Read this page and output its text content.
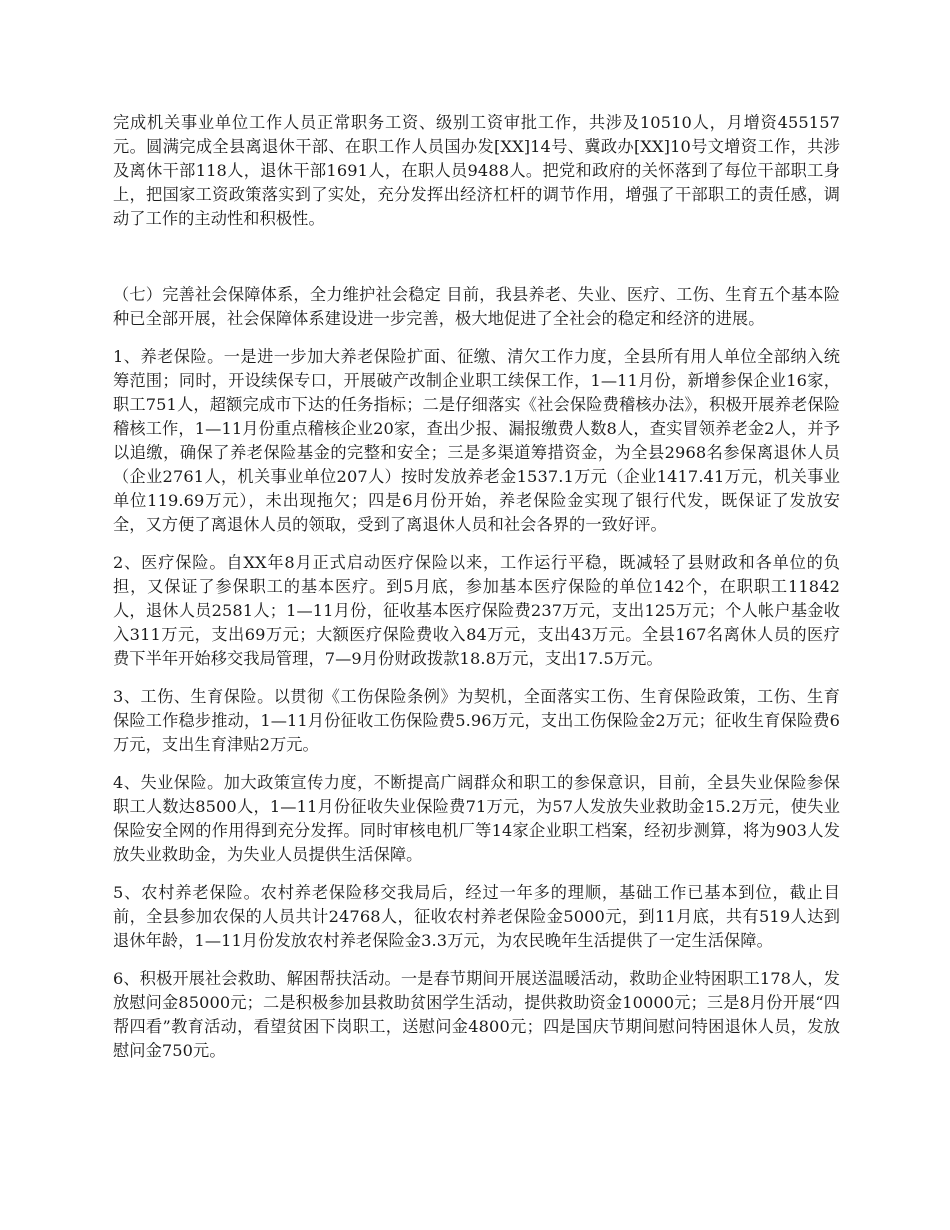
完成机关事业单位工作人员正常职务工资、级别工资审批工作，共涉及10510人，月增资455157元。圆满完成全县离退休干部、在职工作人员国办发[XX]14号、冀政办[XX]10号文增资工作，共涉及离休干部118人，退休干部1691人，在职人员9488人。把党和政府的关怀落到了每位干部职工身上，把国家工资政策落实到了实处，充分发挥出经济杠杆的调节作用，增强了干部职工的责任感，调动了工作的主动性和积极性。

（七）完善社会保障体系，全力维护社会稳定 目前，我县养老、失业、医疗、工伤、生育五个基本险种已全部开展，社会保障体系建设进一步完善，极大地促进了全社会的稳定和经济的进展。

1、养老保险。一是进一步加大养老保险扩面、征缴、清欠工作力度，全县所有用人单位全部纳入统筹范围；同时，开设续保专口，开展破产改制企业职工续保工作，1—11月份，新增参保企业16家，职工751人，超额完成市下达的任务指标；二是仔细落实《社会保险费稽核办法》，积极开展养老保险稽核工作，1—11月份重点稽核企业20家，查出少报、漏报缴费人数8人，查实冒领养老金2人，并予以追缴，确保了养老保险基金的完整和安全；三是多渠道筹措资金，为全县2968名参保离退休人员（企业2761人，机关事业单位207人）按时发放养老金1537.1万元（企业1417.41万元，机关事业单位119.69万元），未出现拖欠；四是6月份开始，养老保险金实现了银行代发，既保证了发放安全，又方便了离退休人员的领取，受到了离退休人员和社会各界的一致好评。

2、医疗保险。自XX年8月正式启动医疗保险以来，工作运行平稳，既减轻了县财政和各单位的负担，又保证了参保职工的基本医疗。到5月底，参加基本医疗保险的单位142个，在职职工11842人，退休人员2581人；1—11月份，征收基本医疗保险费237万元，支出125万元；个人帐户基金收入311万元，支出69万元；大额医疗保险费收入84万元，支出43万元。全县167名离休人员的医疗费下半年开始移交我局管理，7—9月份财政拨款18.8万元，支出17.5万元。

3、工伤、生育保险。以贯彻《工伤保险条例》为契机，全面落实工伤、生育保险政策，工伤、生育保险工作稳步推动，1—11月份征收工伤保险费5.96万元，支出工伤保险金2万元；征收生育保险费6万元，支出生育津贴2万元。

4、失业保险。加大政策宣传力度，不断提高广阔群众和职工的参保意识，目前，全县失业保险参保职工人数达8500人，1—11月份征收失业保险费71万元，为57人发放失业救助金15.2万元，使失业保险安全网的作用得到充分发挥。同时审核电机厂等14家企业职工档案，经初步测算，将为903人发放失业救助金，为失业人员提供生活保障。

5、农村养老保险。农村养老保险移交我局后，经过一年多的理顺，基础工作已基本到位，截止目前，全县参加农保的人员共计24768人，征收农村养老保险金5000元，到11月底，共有519人达到退休年龄，1—11月份发放农村养老保险金3.3万元，为农民晚年生活提供了一定生活保障。

6、积极开展社会救助、解困帮扶活动。一是春节期间开展送温暖活动，救助企业特困职工178人，发放慰问金85000元；二是积极参加县救助贫困学生活动，提供救助资金10000元；三是8月份开展“四帮四看”教育活动，看望贫困下岗职工，送慰问金4800元；四是国庆节期间慰问特困退休人员，发放慰问金750元。
